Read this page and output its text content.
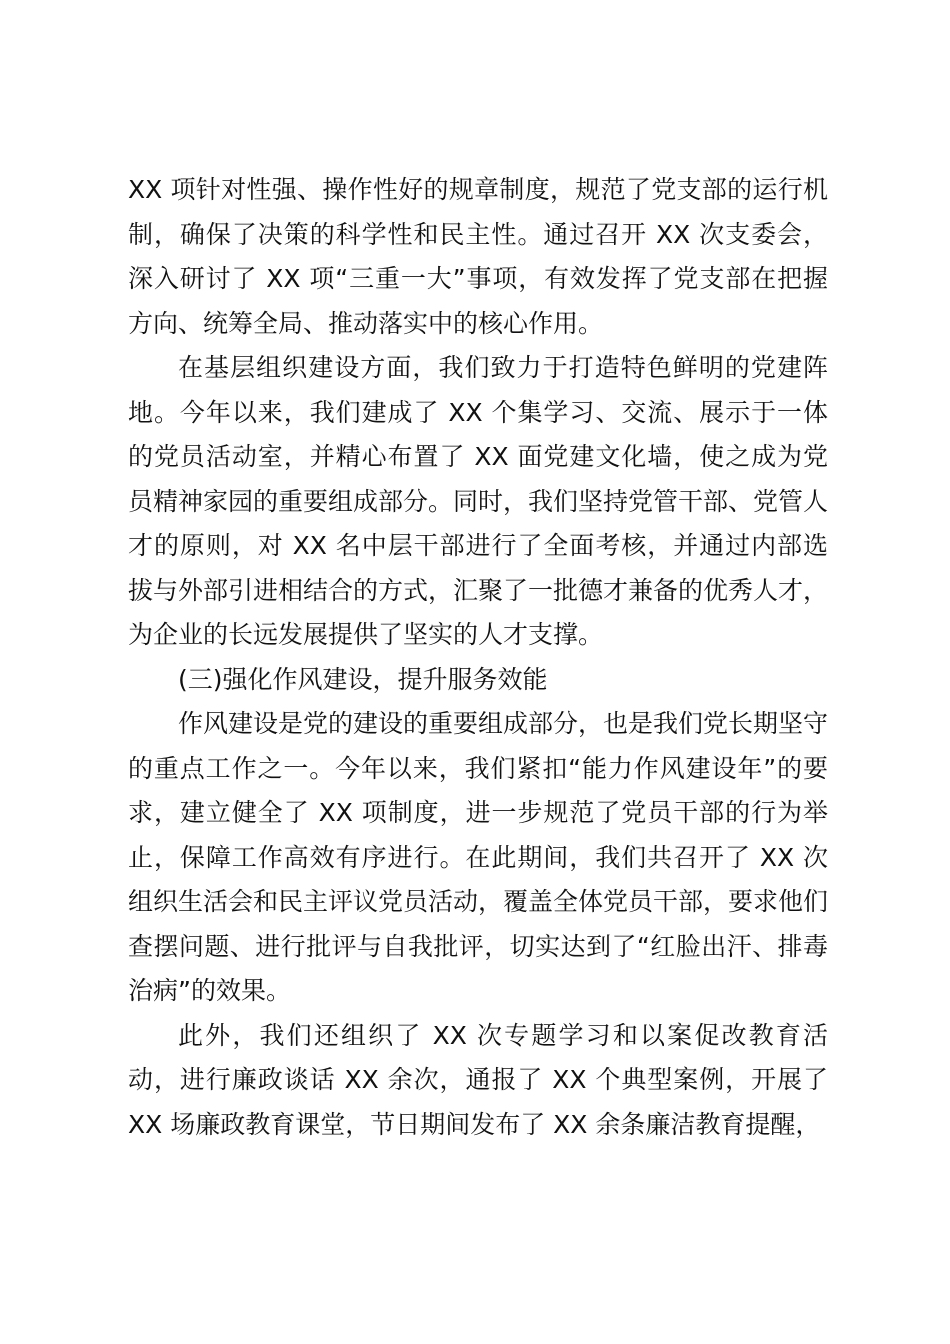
XX 项针对性强、操作性好的规章制度，规范了党支部的运行机制，确保了决策的科学性和民主性。通过召开 XX 次支委会，深入研讨了 XX 项“三重一大”事项，有效发挥了党支部在把握方向、统筹全局、推动落实中的核心作用。

在基层组织建设方面，我们致力于打造特色鲜明的党建阵地。今年以来，我们建成了 XX 个集学习、交流、展示于一体的党员活动室，并精心布置了 XX 面党建文化墙，使之成为党员精神家园的重要组成部分。同时，我们坚持党管干部、党管人才的原则，对 XX 名中层干部进行了全面考核，并通过内部选拔与外部引进相结合的方式，汇聚了一批德才兼备的优秀人才，为企业的长远发展提供了坚实的人才支撑。

(三)强化作风建设，提升服务效能

作风建设是党的建设的重要组成部分，也是我们党长期坚守的重点工作之一。今年以来，我们紧扣“能力作风建设年”的要求，建立健全了 XX 项制度，进一步规范了党员干部的行为举止，保障工作高效有序进行。在此期间，我们共召开了 XX 次组织生活会和民主评议党员活动，覆盖全体党员干部，要求他们查摆问题、进行批评与自我批评，切实达到了“红脸出汗、排毒治病”的效果。

此外，我们还组织了 XX 次专题学习和以案促改教育活动，进行廉政谈话 XX 余次，通报了 XX 个典型案例，开展了 XX 场廉政教育课堂，节日期间发布了 XX 余条廉洁教育提醒，
